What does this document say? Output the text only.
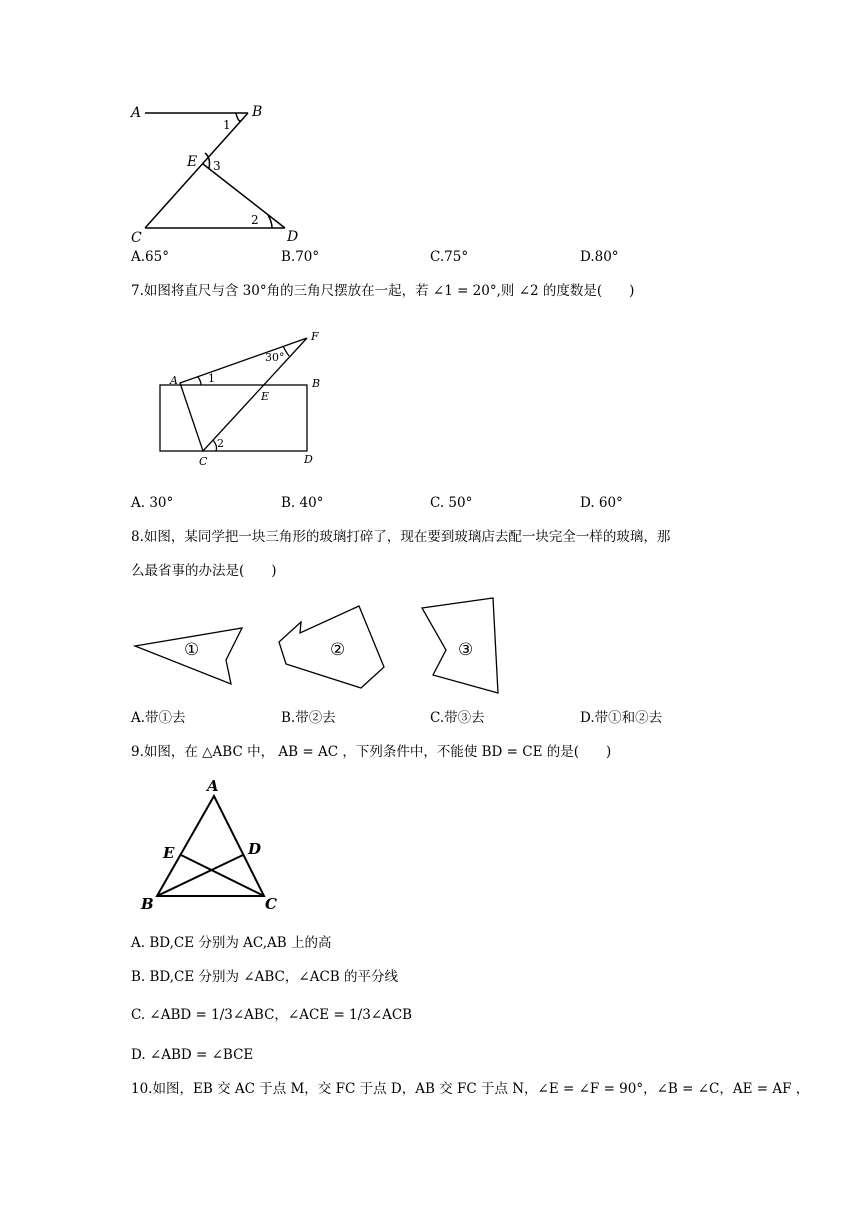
A	B
1
E 3
2
C	D
A.65°	B.70°	C.75°	D.80°
7.如图将直尺与含 30°角的三角尺摆放在一起，若 ∠1 = 20°,则 ∠2 的度数是(　　)
F
30°
A	1	B
E
2
C	D
A. 30°	B. 40°	C. 50°	D. 60°
8.如图，某同学把一块三角形的玻璃打碎了，现在要到玻璃店去配一块完全一样的玻璃，那
么最省事的办法是(　　)
①	②	③
A.带①去	B.带②去	C.带③去	D.带①和②去
9.如图，在 △ABC 中， AB = AC ，下列条件中，不能使 BD = CE 的是(　　)
A
E	D
B	C
A. BD,CE 分别为 AC,AB 上的高
B. BD,CE 分别为 ∠ABC，∠ACB 的平分线
C. ∠ABD = 1/3∠ABC，∠ACE = 1/3∠ACB
D. ∠ABD = ∠BCE
10.如图，EB 交 AC 于点 M，交 FC 于点 D，AB 交 FC 于点 N，∠E = ∠F = 90°，∠B = ∠C，AE = AF ，
